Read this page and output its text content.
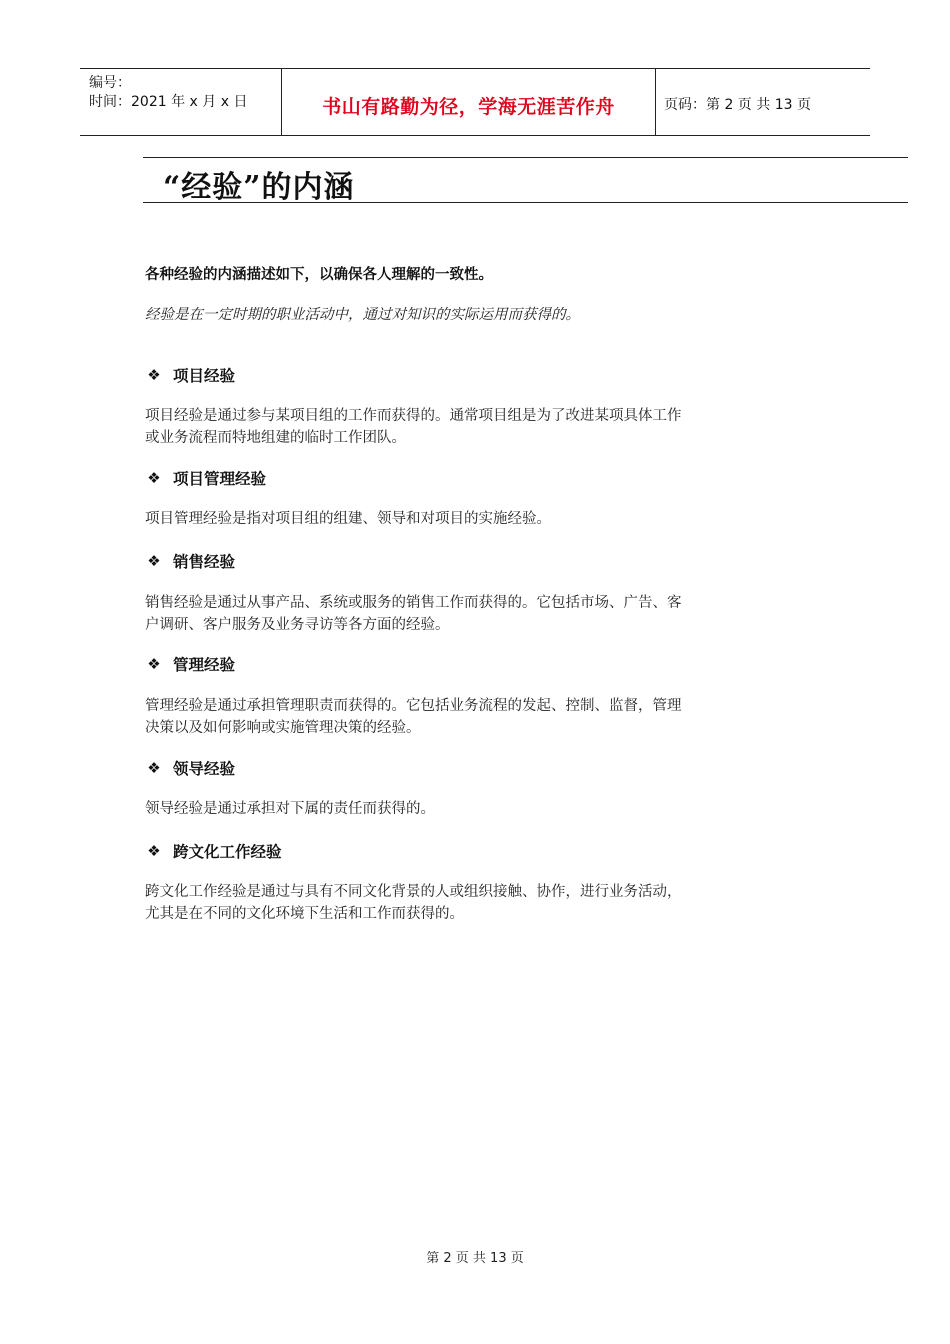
编号：
时间：2021 年 x 月 x 日	书山有路勤为径，学海无涯苦作舟	页码：第 2 页 共 13 页
“经验”的内涵
各种经验的内涵描述如下，以确保各人理解的一致性。
经验是在一定时期的职业活动中，通过对知识的实际运用而获得的。
❖ 项目经验
项目经验是通过参与某项目组的工作而获得的。通常项目组是为了改进某项具体工作
或业务流程而特地组建的临时工作团队。
❖ 项目管理经验
项目管理经验是指对项目组的组建、领导和对项目的实施经验。
❖ 销售经验
销售经验是通过从事产品、系统或服务的销售工作而获得的。它包括市场、广告、客
户调研、客户服务及业务寻访等各方面的经验。
❖ 管理经验
管理经验是通过承担管理职责而获得的。它包括业务流程的发起、控制、监督，管理
决策以及如何影响或实施管理决策的经验。
❖ 领导经验
领导经验是通过承担对下属的责任而获得的。
❖ 跨文化工作经验
跨文化工作经验是通过与具有不同文化背景的人或组织接触、协作，进行业务活动，
尤其是在不同的文化环境下生活和工作而获得的。
第 2 页 共 13 页
